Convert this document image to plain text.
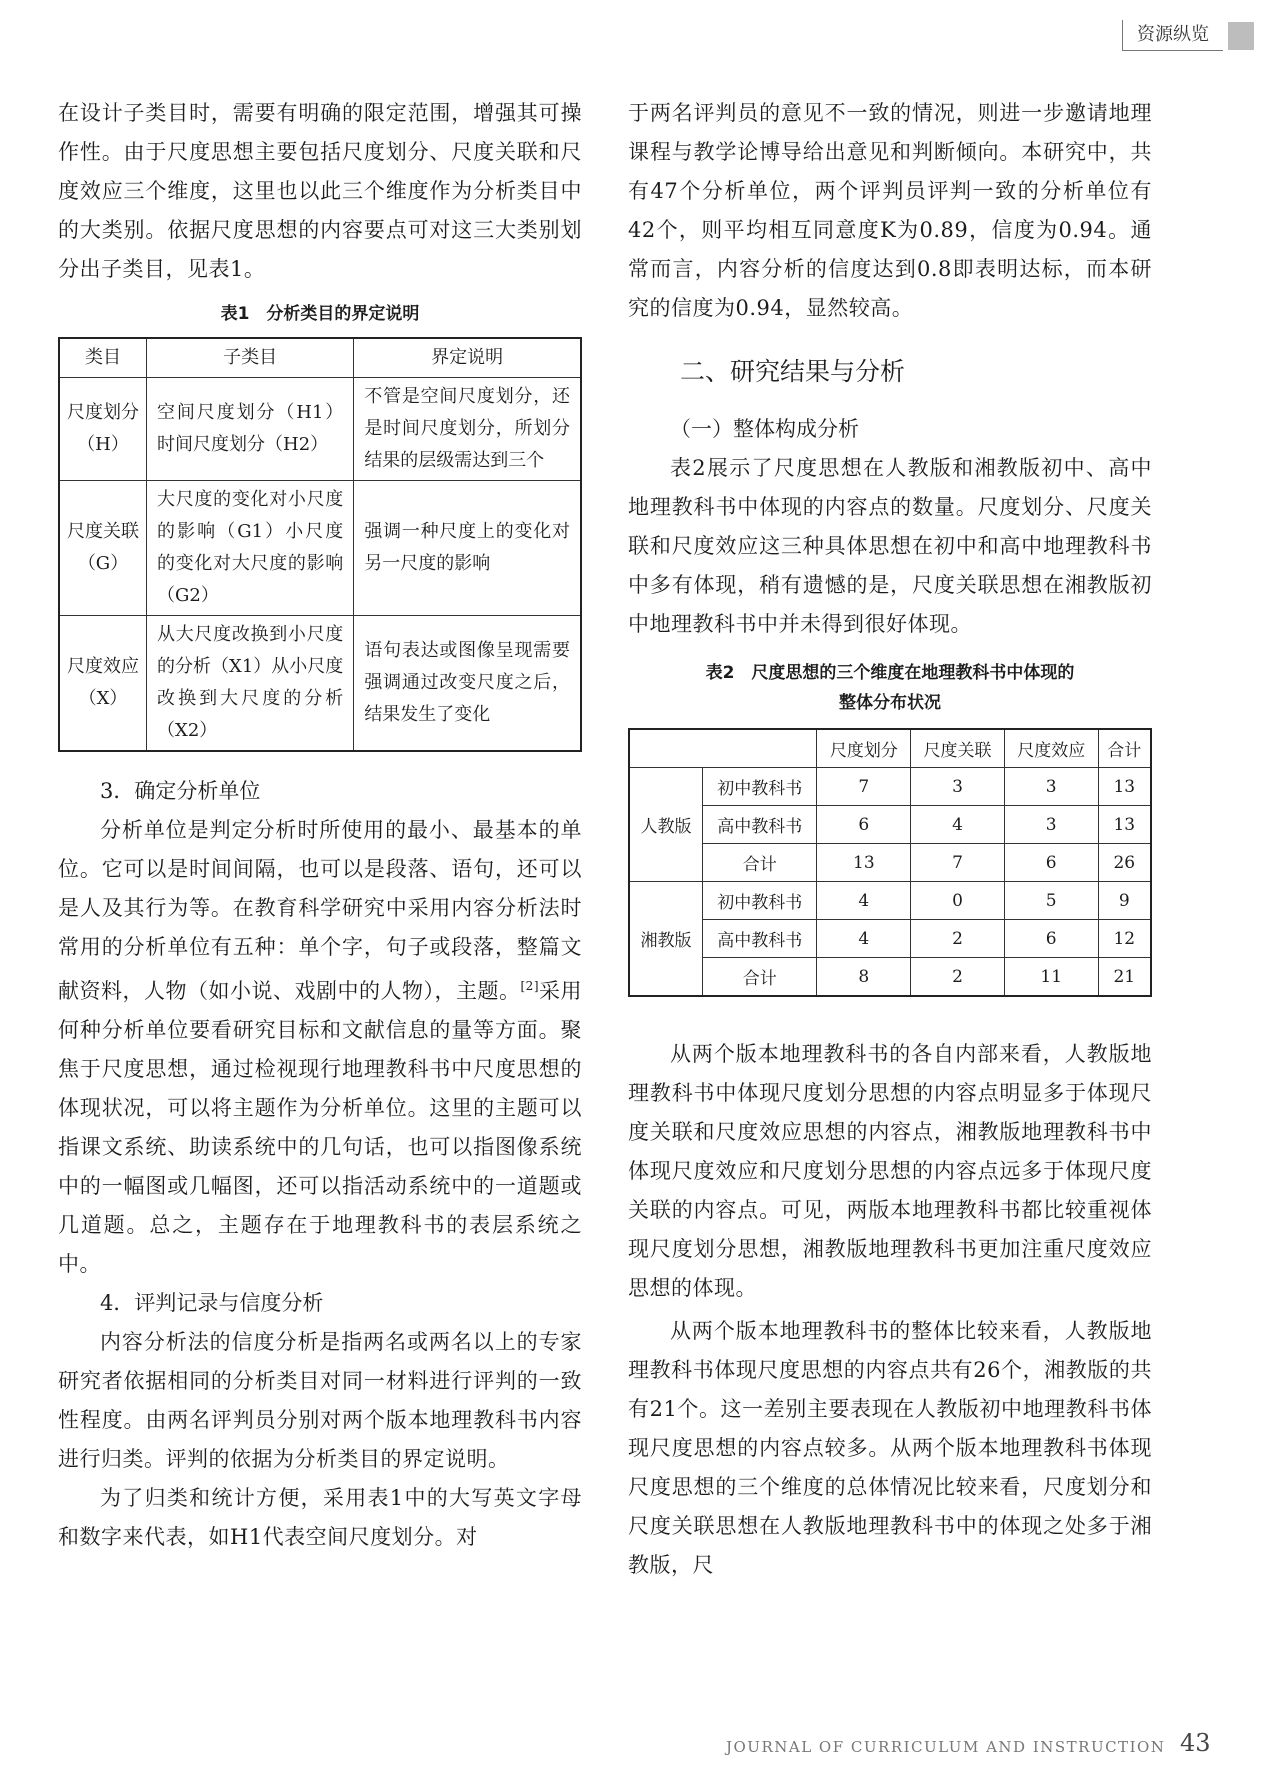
资源纵览

在设计子类目时，需要有明确的限定范围，增强其可操作性。由于尺度思想主要包括尺度划分、尺度关联和尺度效应三个维度，这里也以此三个维度作为分析类目中的大类别。依据尺度思想的内容要点可对这三大类别划分出子类目，见表1。

表1　分析类目的界定说明
类目	子类目	界定说明
尺度划分（H）	空间尺度划分（H1）时间尺度划分（H2）	不管是空间尺度划分，还是时间尺度划分，所划分结果的层级需达到三个
尺度关联（G）	大尺度的变化对小尺度的影响（G1）小尺度的变化对大尺度的影响（G2）	强调一种尺度上的变化对另一尺度的影响
尺度效应（X）	从大尺度改换到小尺度的分析（X1）从小尺度改换到大尺度的分析（X2）	语句表达或图像呈现需要强调通过改变尺度之后，结果发生了变化

3．确定分析单位

分析单位是判定分析时所使用的最小、最基本的单位。它可以是时间间隔，也可以是段落、语句，还可以是人及其行为等。在教育科学研究中采用内容分析法时常用的分析单位有五种：单个字，句子或段落，整篇文献资料，人物（如小说、戏剧中的人物），主题。[2]采用何种分析单位要看研究目标和文献信息的量等方面。聚焦于尺度思想，通过检视现行地理教科书中尺度思想的体现状况，可以将主题作为分析单位。这里的主题可以指课文系统、助读系统中的几句话，也可以指图像系统中的一幅图或几幅图，还可以指活动系统中的一道题或几道题。总之，主题存在于地理教科书的表层系统之中。

4．评判记录与信度分析

内容分析法的信度分析是指两名或两名以上的专家研究者依据相同的分析类目对同一材料进行评判的一致性程度。由两名评判员分别对两个版本地理教科书内容进行归类。评判的依据为分析类目的界定说明。

为了归类和统计方便，采用表1中的大写英文字母和数字来代表，如H1代表空间尺度划分。对

于两名评判员的意见不一致的情况，则进一步邀请地理课程与教学论博导给出意见和判断倾向。本研究中，共有47个分析单位，两个评判员评判一致的分析单位有42个，则平均相互同意度K为0.89，信度为0.94。通常而言，内容分析的信度达到0.8即表明达标，而本研究的信度为0.94，显然较高。

二、研究结果与分析

（一）整体构成分析

表2展示了尺度思想在人教版和湘教版初中、高中地理教科书中体现的内容点的数量。尺度划分、尺度关联和尺度效应这三种具体思想在初中和高中地理教科书中多有体现，稍有遗憾的是，尺度关联思想在湘教版初中地理教科书中并未得到很好体现。

表2　尺度思想的三个维度在地理教科书中体现的
整体分布状况
		尺度划分	尺度关联	尺度效应	合计
人教版	初中教科书	7	3	3	13
	高中教科书	6	4	3	13
	合计	13	7	6	26
湘教版	初中教科书	4	0	5	9
	高中教科书	4	2	6	12
	合计	8	2	11	21

从两个版本地理教科书的各自内部来看，人教版地理教科书中体现尺度划分思想的内容点明显多于体现尺度关联和尺度效应思想的内容点，湘教版地理教科书中体现尺度效应和尺度划分思想的内容点远多于体现尺度关联的内容点。可见，两版本地理教科书都比较重视体现尺度划分思想，湘教版地理教科书更加注重尺度效应思想的体现。

从两个版本地理教科书的整体比较来看，人教版地理教科书体现尺度思想的内容点共有26个，湘教版的共有21个。这一差别主要表现在人教版初中地理教科书体现尺度思想的内容点较多。从两个版本地理教科书体现尺度思想的三个维度的总体情况比较来看，尺度划分和尺度关联思想在人教版地理教科书中的体现之处多于湘教版，尺

JOURNAL OF CURRICULUM AND INSTRUCTION 43
